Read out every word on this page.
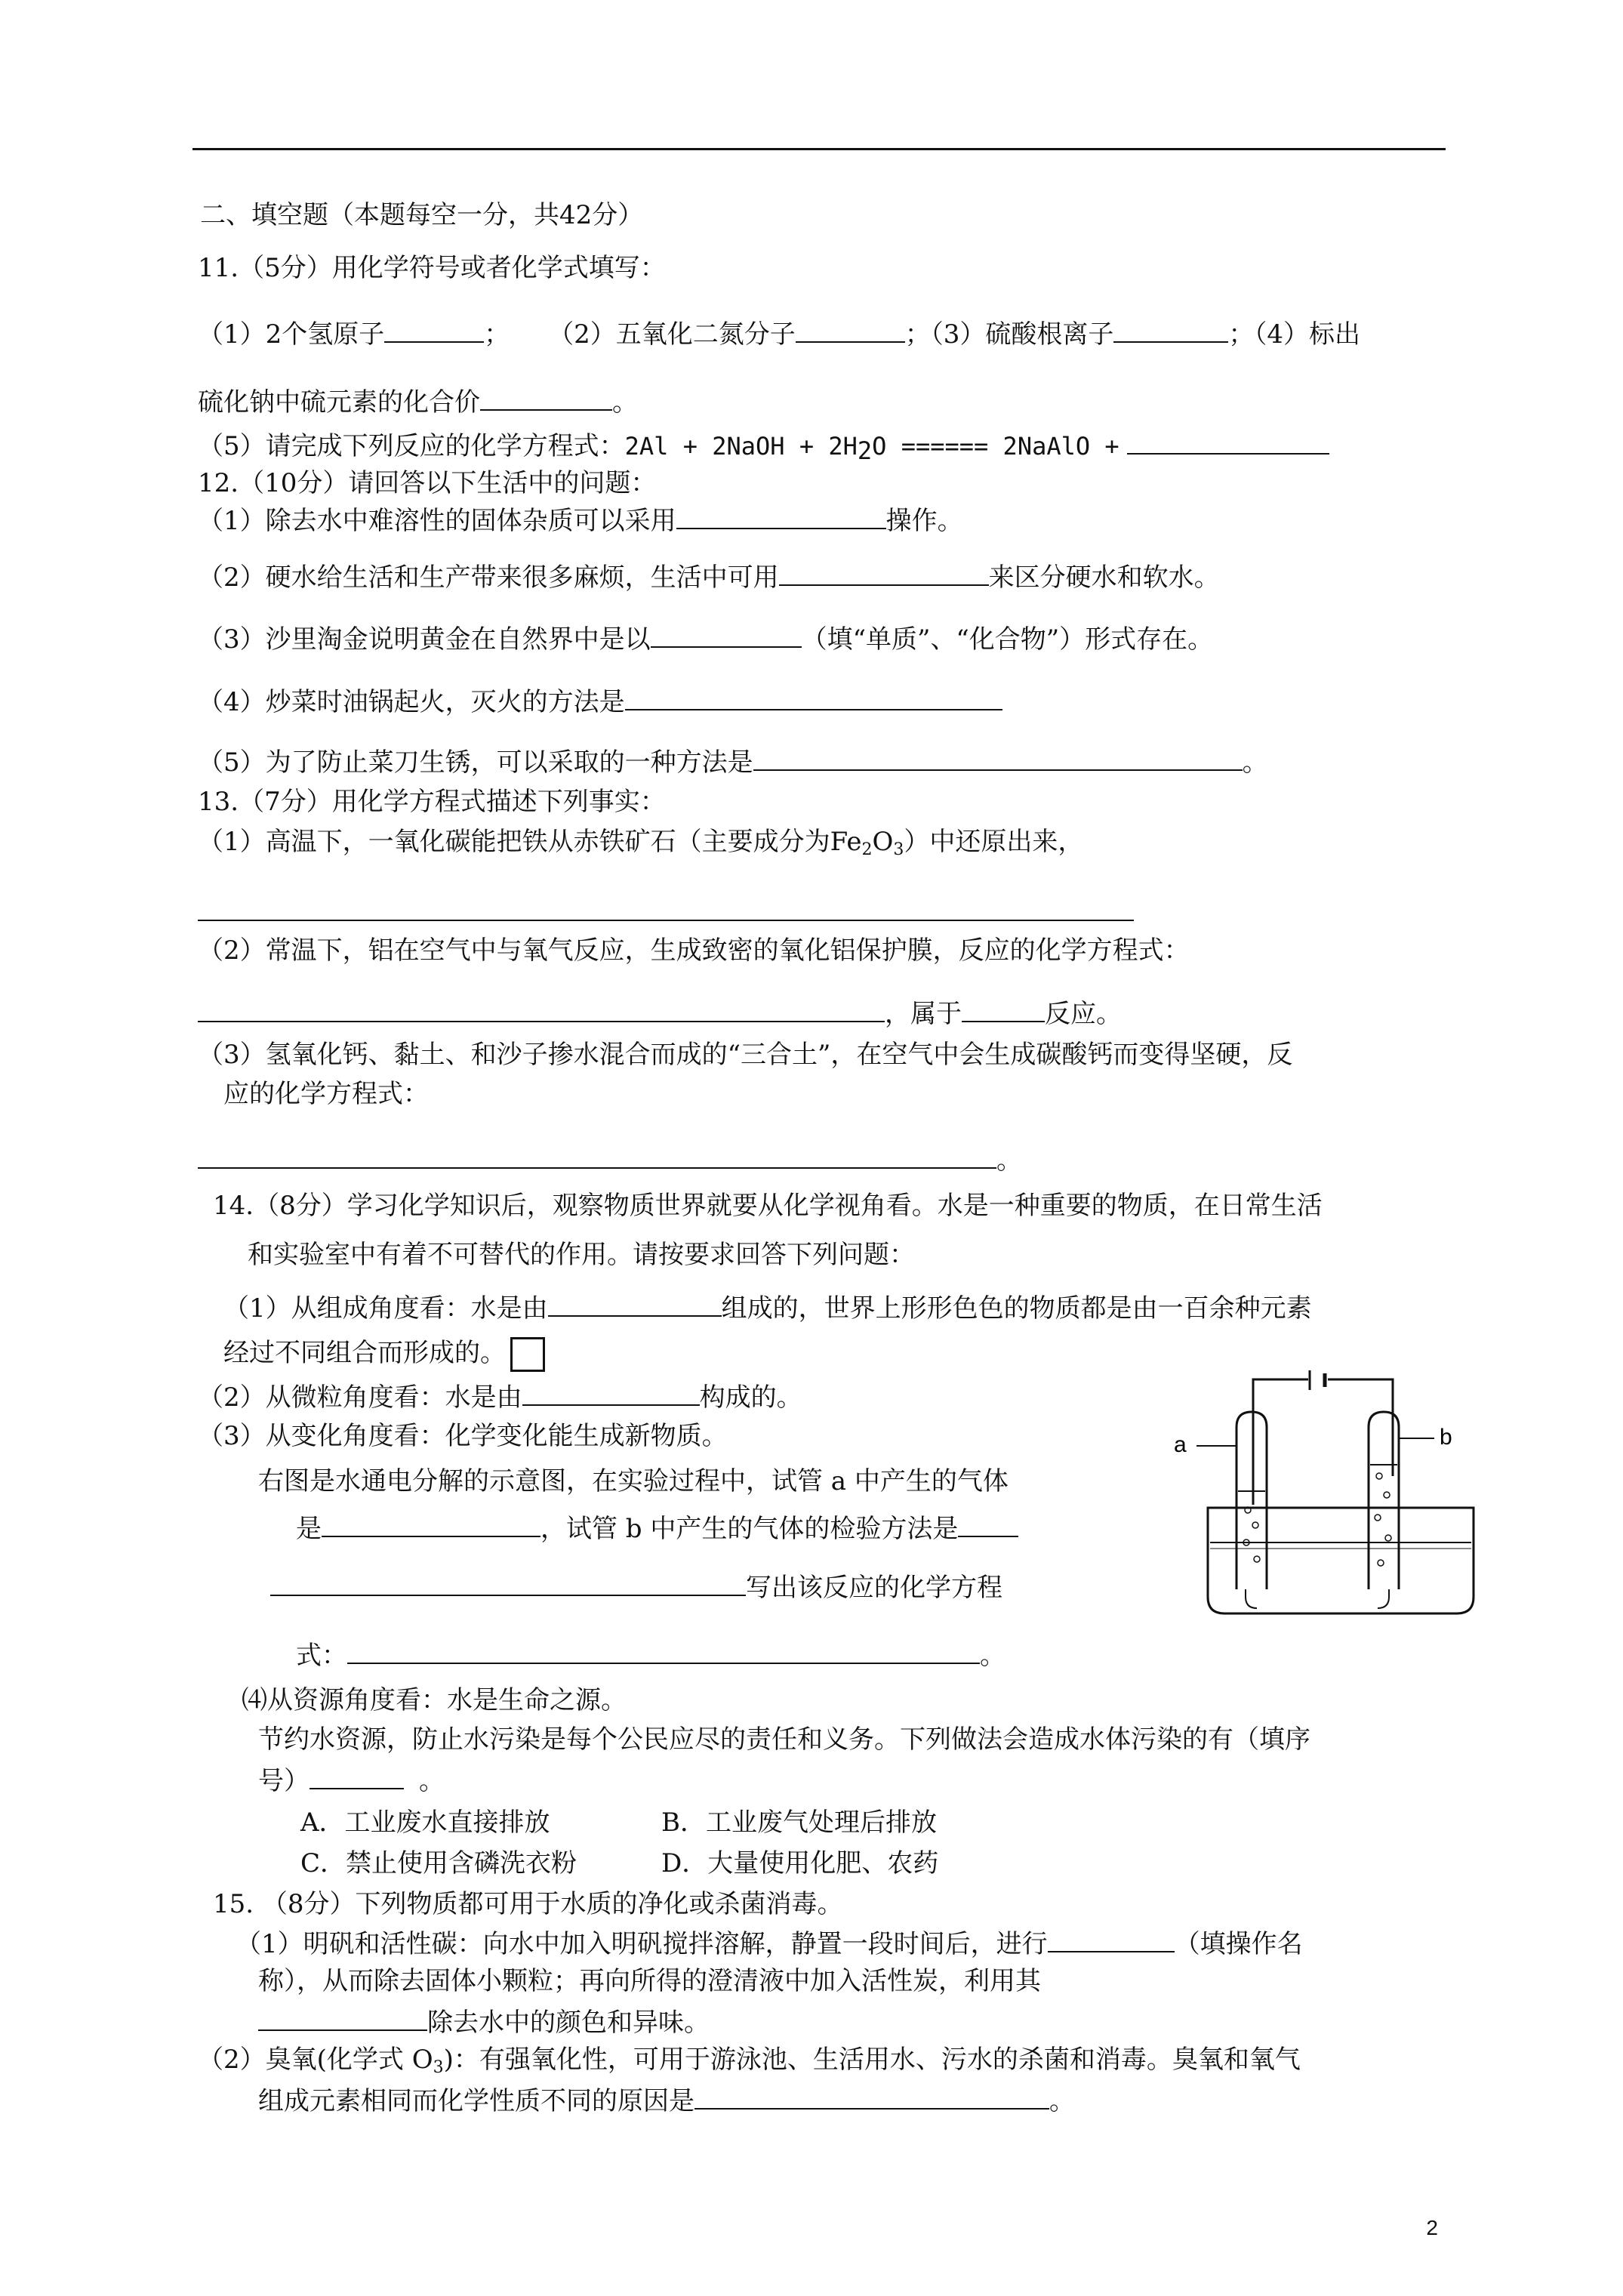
二、填空题（本题每空一分，共42分）
11.（5分）用化学符号或者化学式填写：
（1）2个氢原子	； （2）五氧化二氮分子	；（3）硫酸根离子	；（4）标出
硫化钠中硫元素的化合价	。
（5）请完成下列反应的化学方程式：2Al + 2NaOH + $2H_2O$ ====== 2NaAlO +
12.（10分）请回答以下生活中的问题：
（1）除去水中难溶性的固体杂质可以采用	操作。
（2）硬水给生活和生产带来很多麻烦，生活中可用	来区分硬水和软水。
（3）沙里淘金说明黄金在自然界中是以	（填“单质”、“化合物”）形式存在。
（4）炒菜时油锅起火，灭火的方法是
（5）为了防止菜刀生锈，可以采取的一种方法是	。
13.（7分）用化学方程式描述下列事实：
（1）高温下，一氧化碳能把铁从赤铁矿石（主要成分为$Fe_2O_3$）中还原出来，
（2）常温下，铝在空气中与氧气反应，生成致密的氧化铝保护膜，反应的化学方程式：
，属于	反应。
（3）氢氧化钙、黏土、和沙子掺水混合而成的“三合土”，在空气中会生成碳酸钙而变得坚硬，反
应的化学方程式：
。
14.（8分）学习化学知识后，观察物质世界就要从化学视角看。水是一种重要的物质，在日常生活
和实验室中有着不可替代的作用。请按要求回答下列问题：
（1）从组成角度看：水是由	组成的，世界上形形色色的物质都是由一百余种元素
经过不同组合而形成的。
（2）从微粒角度看：水是由	构成的。
（3）从变化角度看：化学变化能生成新物质。
右图是水通电分解的示意图，在实验过程中，试管 a 中产生的气体
是	，试管 b 中产生的气体的检验方法是
写出该反应的化学方程
式：	。
⑷从资源角度看：水是生命之源。
节约水资源，防止水污染是每个公民应尽的责任和义务。下列做法会造成水体污染的有（填序
号）	。
A．工业废水直接排放	B．工业废气处理后排放
C．禁止使用含磷洗衣粉	D．大量使用化肥、农药
15. （8分）下列物质都可用于水质的净化或杀菌消毒。
（1）明矾和活性碳：向水中加入明矾搅拌溶解，静置一段时间后，进行	（填操作名
称），从而除去固体小颗粒；再向所得的澄清液中加入活性炭，利用其
除去水中的颜色和异味。
（2）臭氧(化学式 $O_3$)：有强氧化性，可用于游泳池、生活用水、污水的杀菌和消毒。臭氧和氧气
组成元素相同而化学性质不同的原因是	。
a	b
2
